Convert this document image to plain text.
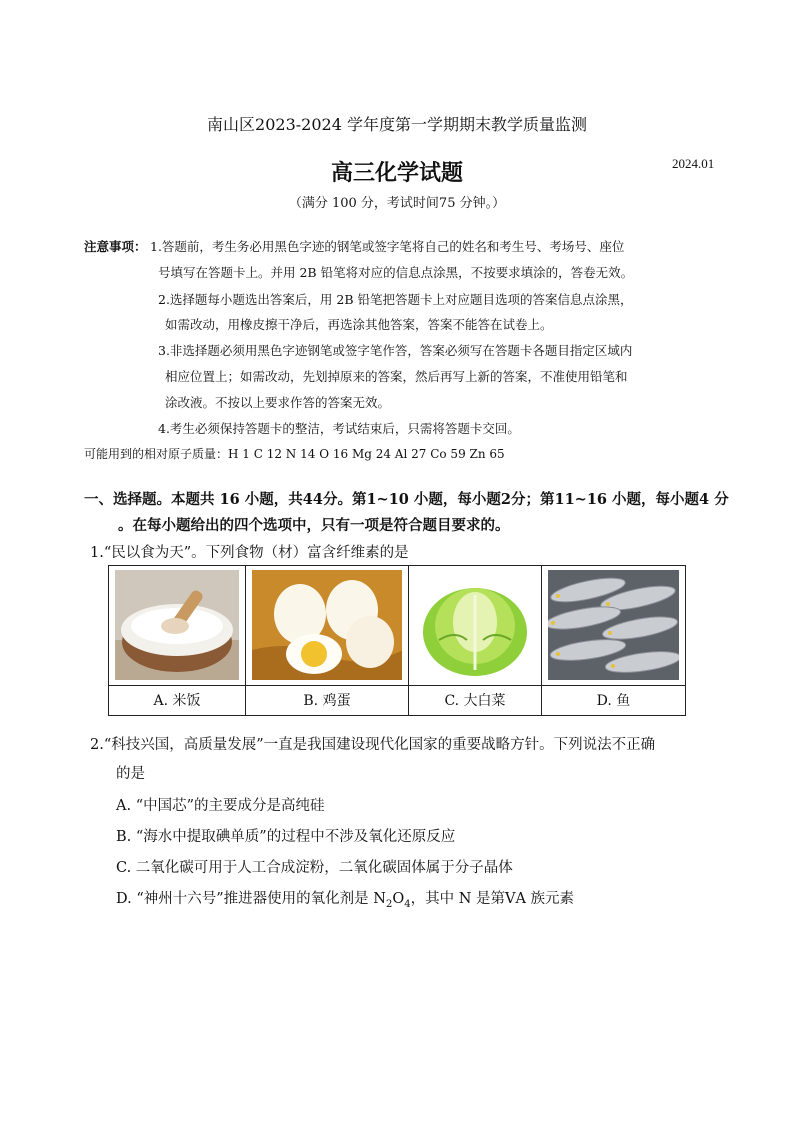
南山区2023-2024 学年度第一学期期末教学质量监测
高三化学试题	2024.01
（满分 100 分，考试时间75 分钟。）
注意事项： 1.答题前，考生务必用黑色字迹的钢笔或签字笔将自己的姓名和考生号、考场号、座位
号填写在答题卡上。并用 2B 铅笔将对应的信息点涂黑，不按要求填涂的，答卷无效。
2.选择题每小题选出答案后，用 2B 铅笔把答题卡上对应题目选项的答案信息点涂黑，
如需改动，用橡皮擦干净后，再选涂其他答案，答案不能答在试卷上。
3.非选择题必须用黑色字迹钢笔或签字笔作答，答案必须写在答题卡各题目指定区域内
相应位置上；如需改动，先划掉原来的答案，然后再写上新的答案，不准使用铅笔和
涂改液。不按以上要求作答的答案无效。
4.考生必须保持答题卡的整洁，考试结束后，只需将答题卡交回。
可能用到的相对原子质量：H 1 C 12 N 14 O 16 Mg 24 Al 27 Co 59 Zn 65
一、选择题。本题共 16 小题，共44分。第1~10 小题，每小题2分；第11~16 小题，每小题4 分
。在每小题给出的四个选项中，只有一项是符合题目要求的。
1.“民以食为天”。下列食物（材）富含纤维素的是
A. 米饭	B. 鸡蛋	C. 大白菜	D. 鱼
2.“科技兴国，高质量发展”一直是我国建设现代化国家的重要战略方针。下列说法不正确
的是
A. “中国芯”的主要成分是高纯硅
B. “海水中提取碘单质”的过程中不涉及氧化还原反应
C. 二氧化碳可用于人工合成淀粉，二氧化碳固体属于分子晶体
D. “神州十六号”推进器使用的氧化剂是 $N_2O_4$，其中 N 是第ⅤA 族元素
